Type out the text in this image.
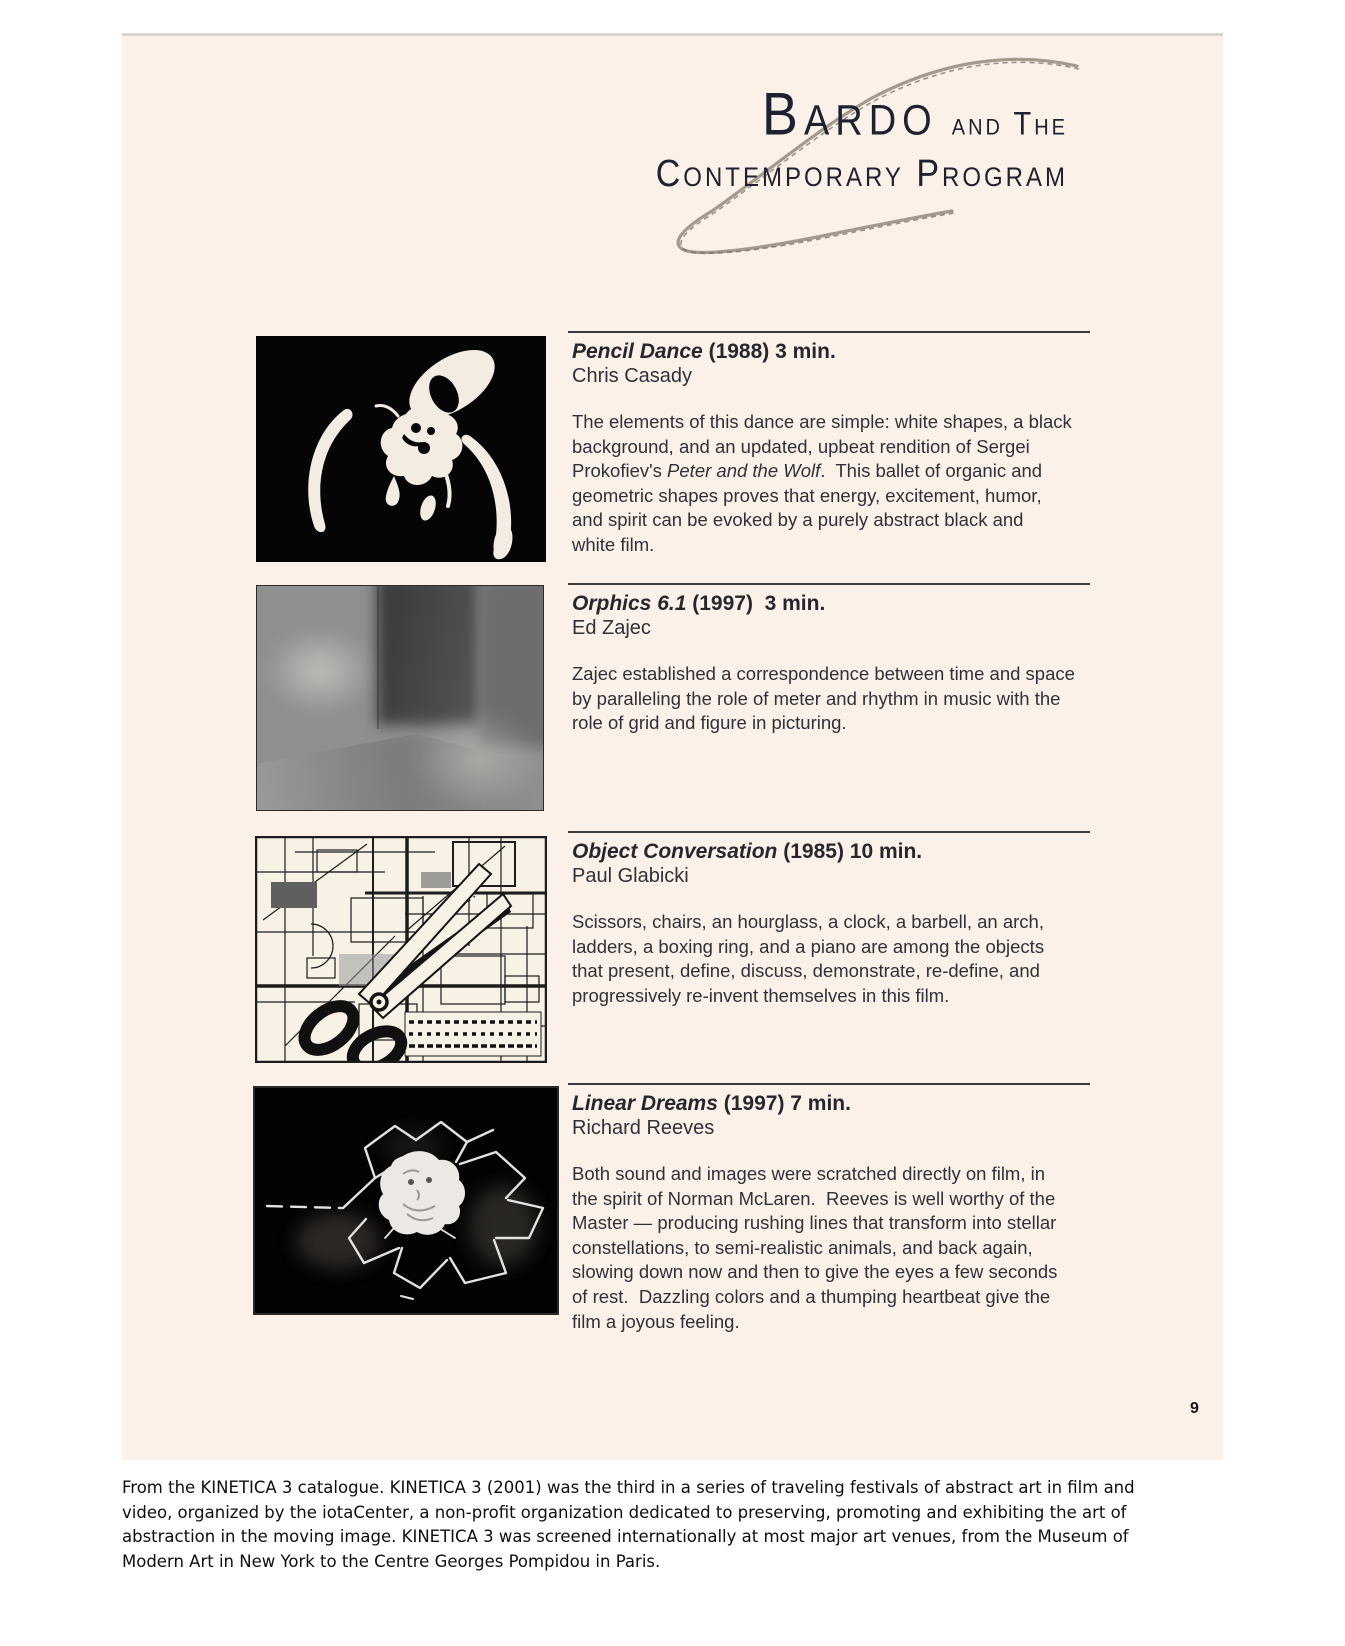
Bardo and The
Contemporary Program
Pencil Dance (1988) 3 min.
Chris Casady
The elements of this dance are simple: white shapes, a black
background, and an updated, upbeat rendition of Sergei
Prokofiev's Peter and the Wolf.  This ballet of organic and
geometric shapes proves that energy, excitement, humor,
and spirit can be evoked by a purely abstract black and
white film.
Orphics 6.1 (1997)  3 min.
Ed Zajec
Zajec established a correspondence between time and space
by paralleling the role of meter and rhythm in music with the
role of grid and figure in picturing.
Object Conversation (1985) 10 min.
Paul Glabicki
Scissors, chairs, an hourglass, a clock, a barbell, an arch,
ladders, a boxing ring, and a piano are among the objects
that present, define, discuss, demonstrate, re-define, and
progressively re-invent themselves in this film.
Linear Dreams (1997) 7 min.
Richard Reeves
Both sound and images were scratched directly on film, in
the spirit of Norman McLaren.  Reeves is well worthy of the
Master — producing rushing lines that transform into stellar
constellations, to semi-realistic animals, and back again,
slowing down now and then to give the eyes a few seconds
of rest.  Dazzling colors and a thumping heartbeat give the
film a joyous feeling.
9
From the KINETICA 3 catalogue. KINETICA 3 (2001) was the third in a series of traveling festivals of abstract art in film and
video, organized by the iotaCenter, a non-profit organization dedicated to preserving, promoting and exhibiting the art of
abstraction in the moving image. KINETICA 3 was screened internationally at most major art venues, from the Museum of
Modern Art in New York to the Centre Georges Pompidou in Paris.
